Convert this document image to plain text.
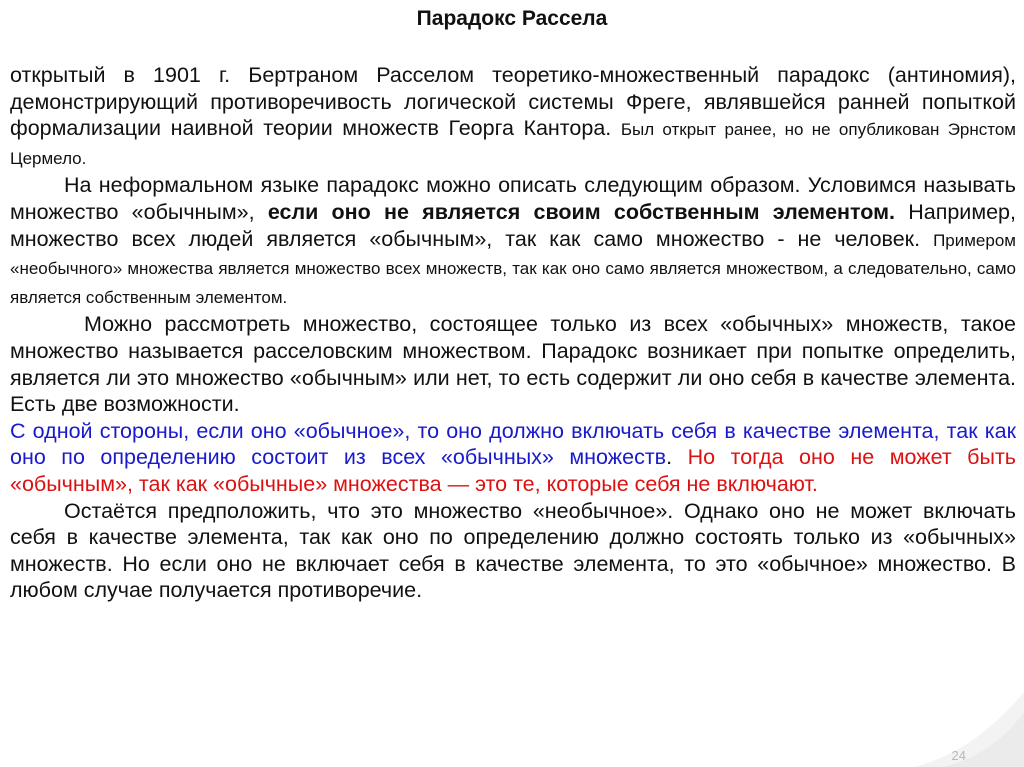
Парадокс Рассела

открытый в 1901 г. Бертраном Расселом теоретико-множественный парадокс (антиномия), демонстрирующий противоречивость логической системы Фреге, являвшейся ранней попыткой формализации наивной теории множеств Георга Кантора. Был открыт ранее, но не опубликован Эрнстом Цермело.

На неформальном языке парадокс можно описать следующим образом. Условимся называть множество «обычным», если оно не является своим собственным элементом. Например, множество всех людей является «обычным», так как само множество - не человек. Примером «необычного» множества является множество всех множеств, так как оно само является множеством, а следовательно, само является собственным элементом.

Можно рассмотреть множество, состоящее только из всех «обычных» множеств, такое множество называется расселовским множеством. Парадокс возникает при попытке определить, является ли это множество «обычным» или нет, то есть содержит ли оно себя в качестве элемента. Есть две возможности.

С одной стороны, если оно «обычное», то оно должно включать себя в качестве элемента, так как оно по определению состоит из всех «обычных» множеств. Но тогда оно не может быть «обычным», так как «обычные» множества — это те, которые себя не включают.

Остаётся предположить, что это множество «необычное». Однако оно не может включать себя в качестве элемента, так как оно по определению должно состоять только из «обычных» множеств. Но если оно не включает себя в качестве элемента, то это «обычное» множество. В любом случае получается противоречие.

24
